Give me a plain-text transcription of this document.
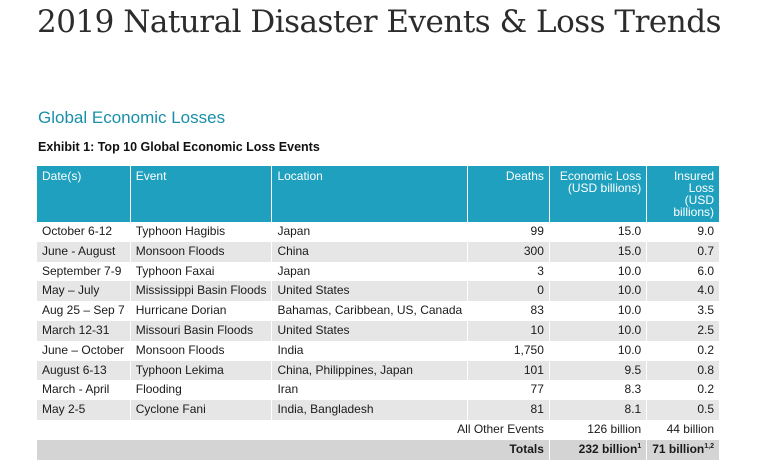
2019 Natural Disaster Events & Loss Trends
Global Economic Losses
Exhibit 1: Top 10 Global Economic Loss Events
Date(s)	Event	Location	Deaths	Economic Loss
(USD billions)	Insured Loss
(USD billions)
October 6-12	Typhoon Hagibis	Japan	99	15.0	9.0
June - August	Monsoon Floods	China	300	15.0	0.7
September 7-9	Typhoon Faxai	Japan	3	10.0	6.0
May – July	Mississippi Basin Floods	United States	0	10.0	4.0
Aug 25 – Sep 7	Hurricane Dorian	Bahamas, Caribbean, US, Canada	83	10.0	3.5
March 12-31	Missouri Basin Floods	United States	10	10.0	2.5
June – October	Monsoon Floods	India	1,750	10.0	0.2
August 6-13	Typhoon Lekima	China, Philippines, Japan	101	9.5	0.8
March - April	Flooding	Iran	77	8.3	0.2
May 2-5	Cyclone Fani	India, Bangladesh	81	8.1	0.5
All Other Events				126 billion	44 billion
Totals				232 billion$^1$	71 billion$^{1,2}$
